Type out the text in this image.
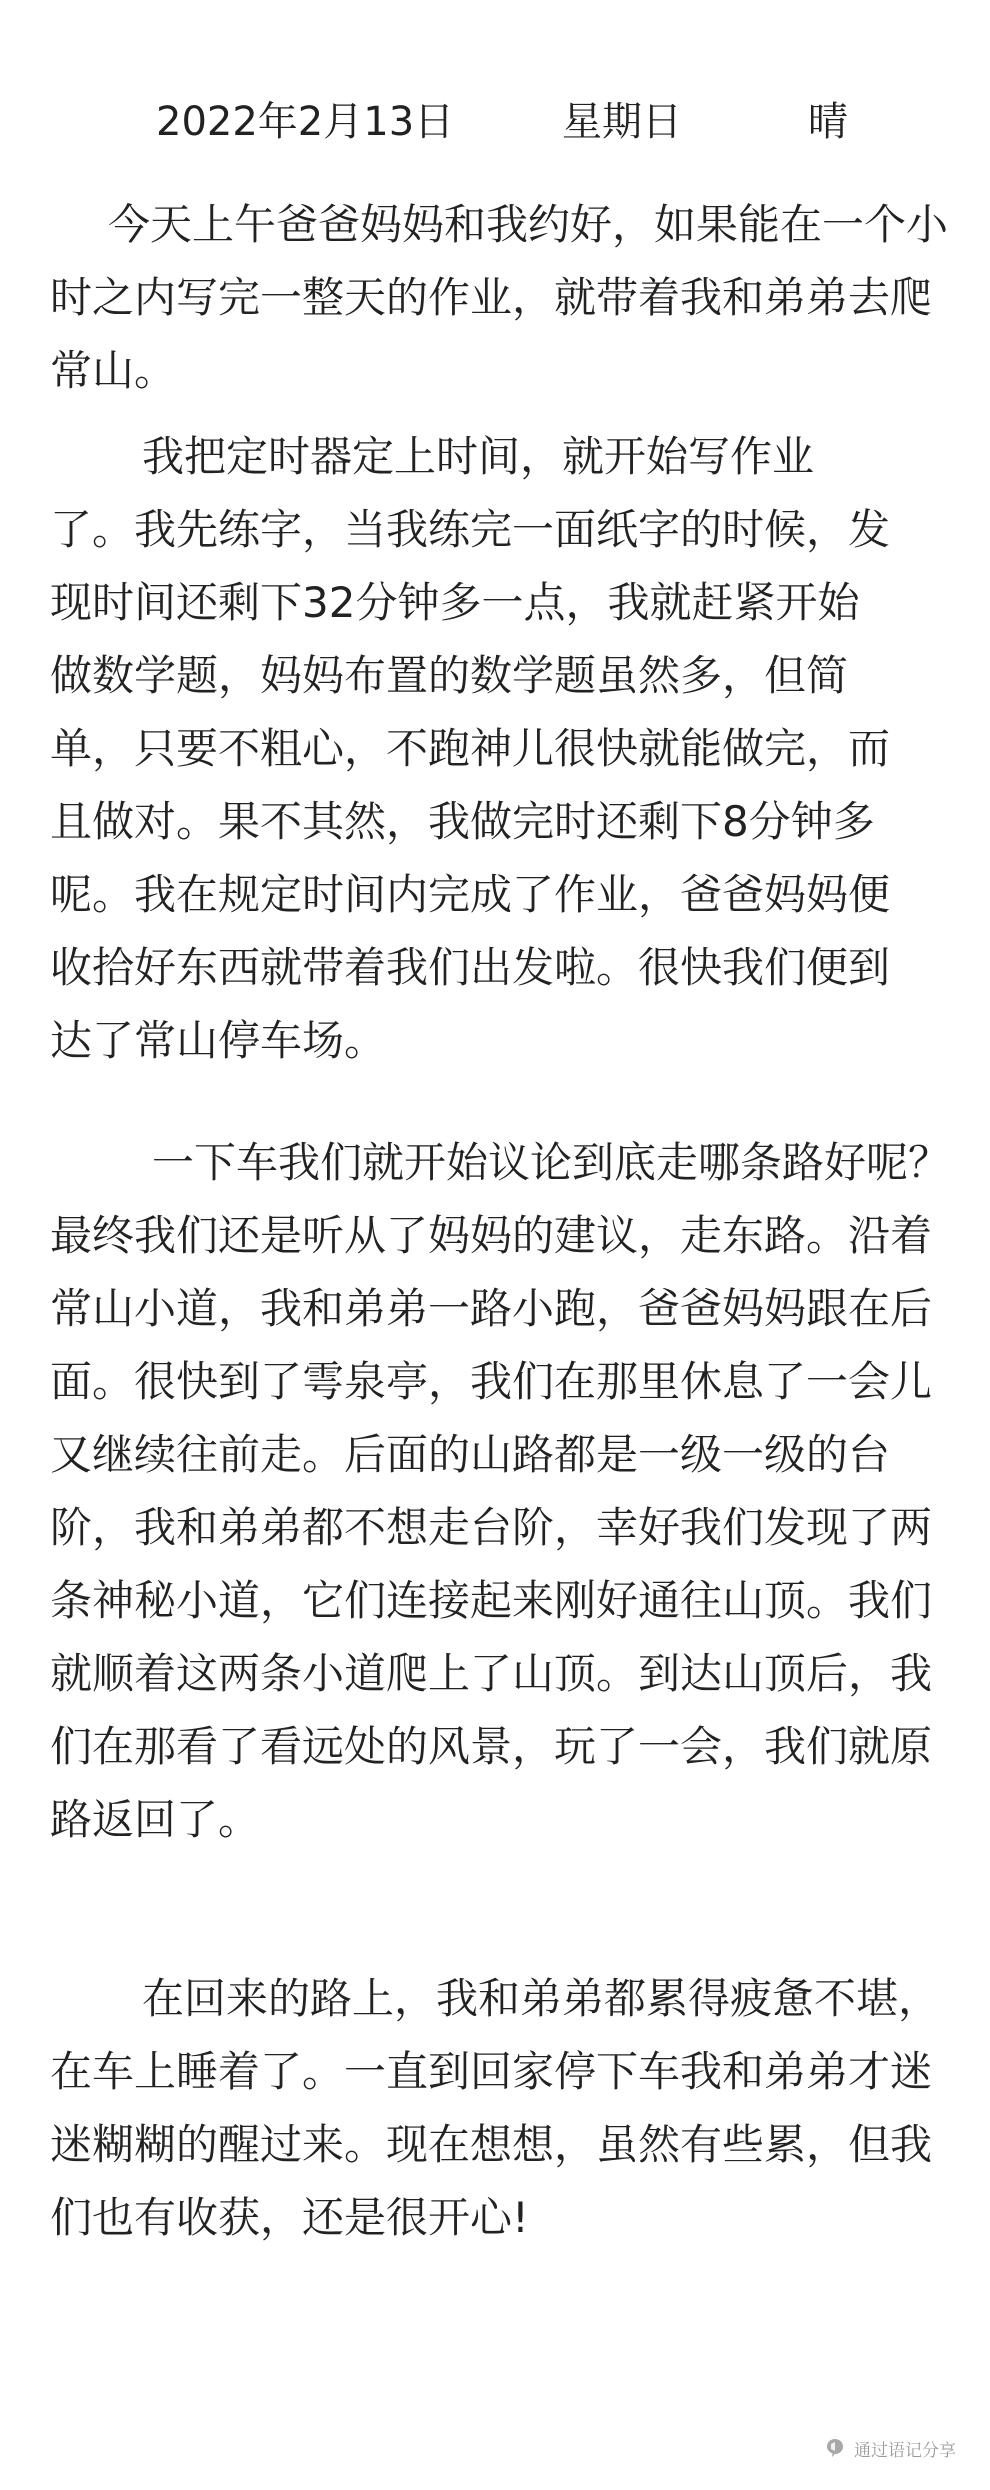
2022年2月13日	星期日	晴

今天上午爸爸妈妈和我约好，如果能在一个小时之内写完一整天的作业，就带着我和弟弟去爬常山。

我把定时器定上时间，就开始写作业了。我先练字，当我练完一面纸字的时候，发现时间还剩下32分钟多一点，我就赶紧开始做数学题，妈妈布置的数学题虽然多，但简单，只要不粗心，不跑神儿很快就能做完，而且做对。果不其然，我做完时还剩下8分钟多呢。我在规定时间内完成了作业，爸爸妈妈便收拾好东西就带着我们出发啦。很快我们便到达了常山停车场。

一下车我们就开始议论到底走哪条路好呢？最终我们还是听从了妈妈的建议，走东路。沿着常山小道，我和弟弟一路小跑，爸爸妈妈跟在后面。很快到了雩泉亭，我们在那里休息了一会儿又继续往前走。后面的山路都是一级一级的台阶，我和弟弟都不想走台阶，幸好我们发现了两条神秘小道，它们连接起来刚好通往山顶。我们就顺着这两条小道爬上了山顶。到达山顶后，我们在那看了看远处的风景，玩了一会，我们就原路返回了。

在回来的路上，我和弟弟都累得疲惫不堪，在车上睡着了。一直到回家停下车我和弟弟才迷迷糊糊的醒过来。现在想想，虽然有些累，但我们也有收获，还是很开心!

通过语记分享
